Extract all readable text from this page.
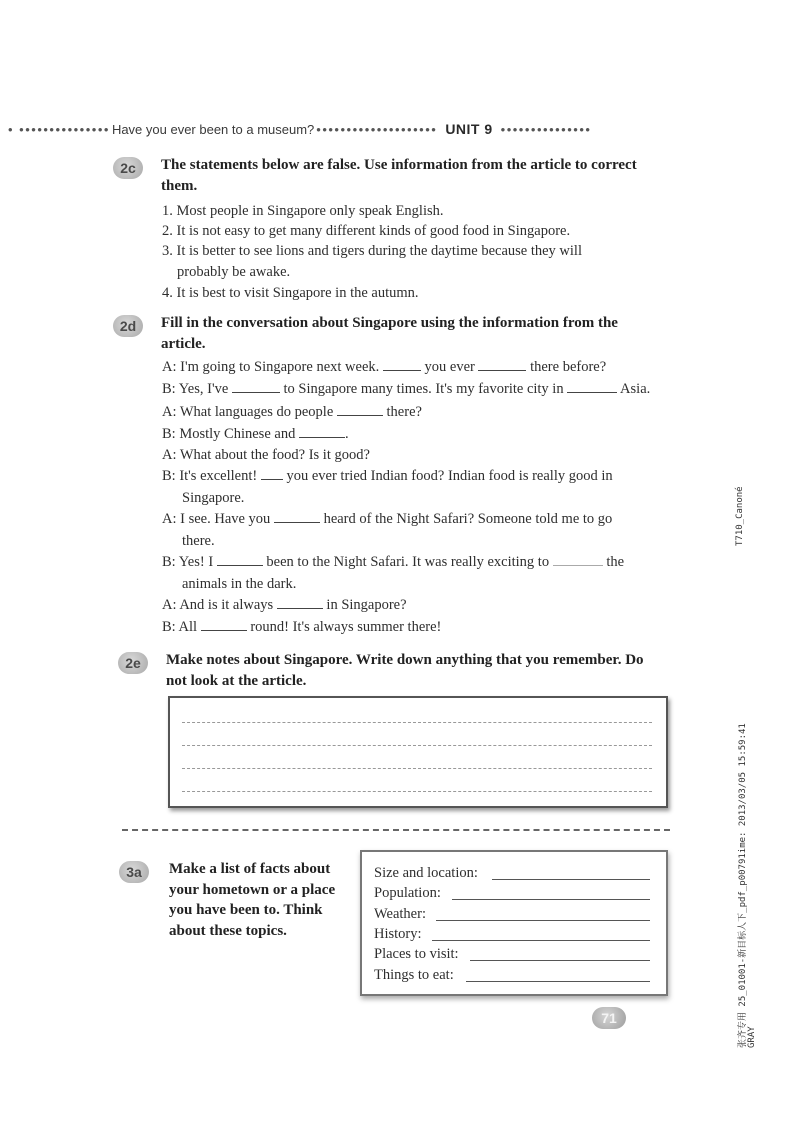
• ••••••••••••••• Have you ever been to a museum? •••••••••••••••••••• UNIT 9 •••••••••••••••
2c	The statements below are false. Use information from the article to correct them.
1. Most people in Singapore only speak English.
2. It is not easy to get many different kinds of good food in Singapore.
3. It is better to see lions and tigers during the daytime because they will
probably be awake.
4. It is best to visit Singapore in the autumn.
2d	Fill in the conversation about Singapore using the information from the article.
A: I'm going to Singapore next week.	you ever	there before?
B: Yes, I've	to Singapore many times. It's my favorite city in	Asia.
A: What languages do people	there?
B: Mostly Chinese and	.
A: What about the food? Is it good?
B: It's excellent! you ever tried Indian food? Indian food is really good in
Singapore.
A: I see. Have you	heard of the Night Safari? Someone told me to go
there.
B: Yes! I	been to the Night Safari. It was really exciting to	the
animals in the dark.
A: And is it always	in Singapore?
B: All	round! It's always summer there!
2e	Make notes about Singapore. Write down anything that you remember. Do not look at the article.
3a	Make a list of facts about your hometown or a place you have been to. Think about these topics.
Size and location:
Population:
Weather:
History:
Places to visit:
Things to eat:
71
T710_Canoné
张齐专用 25_01001-新目标人下_pdf_p00791ime: 2013/03/05 15:59:41 GRAY
